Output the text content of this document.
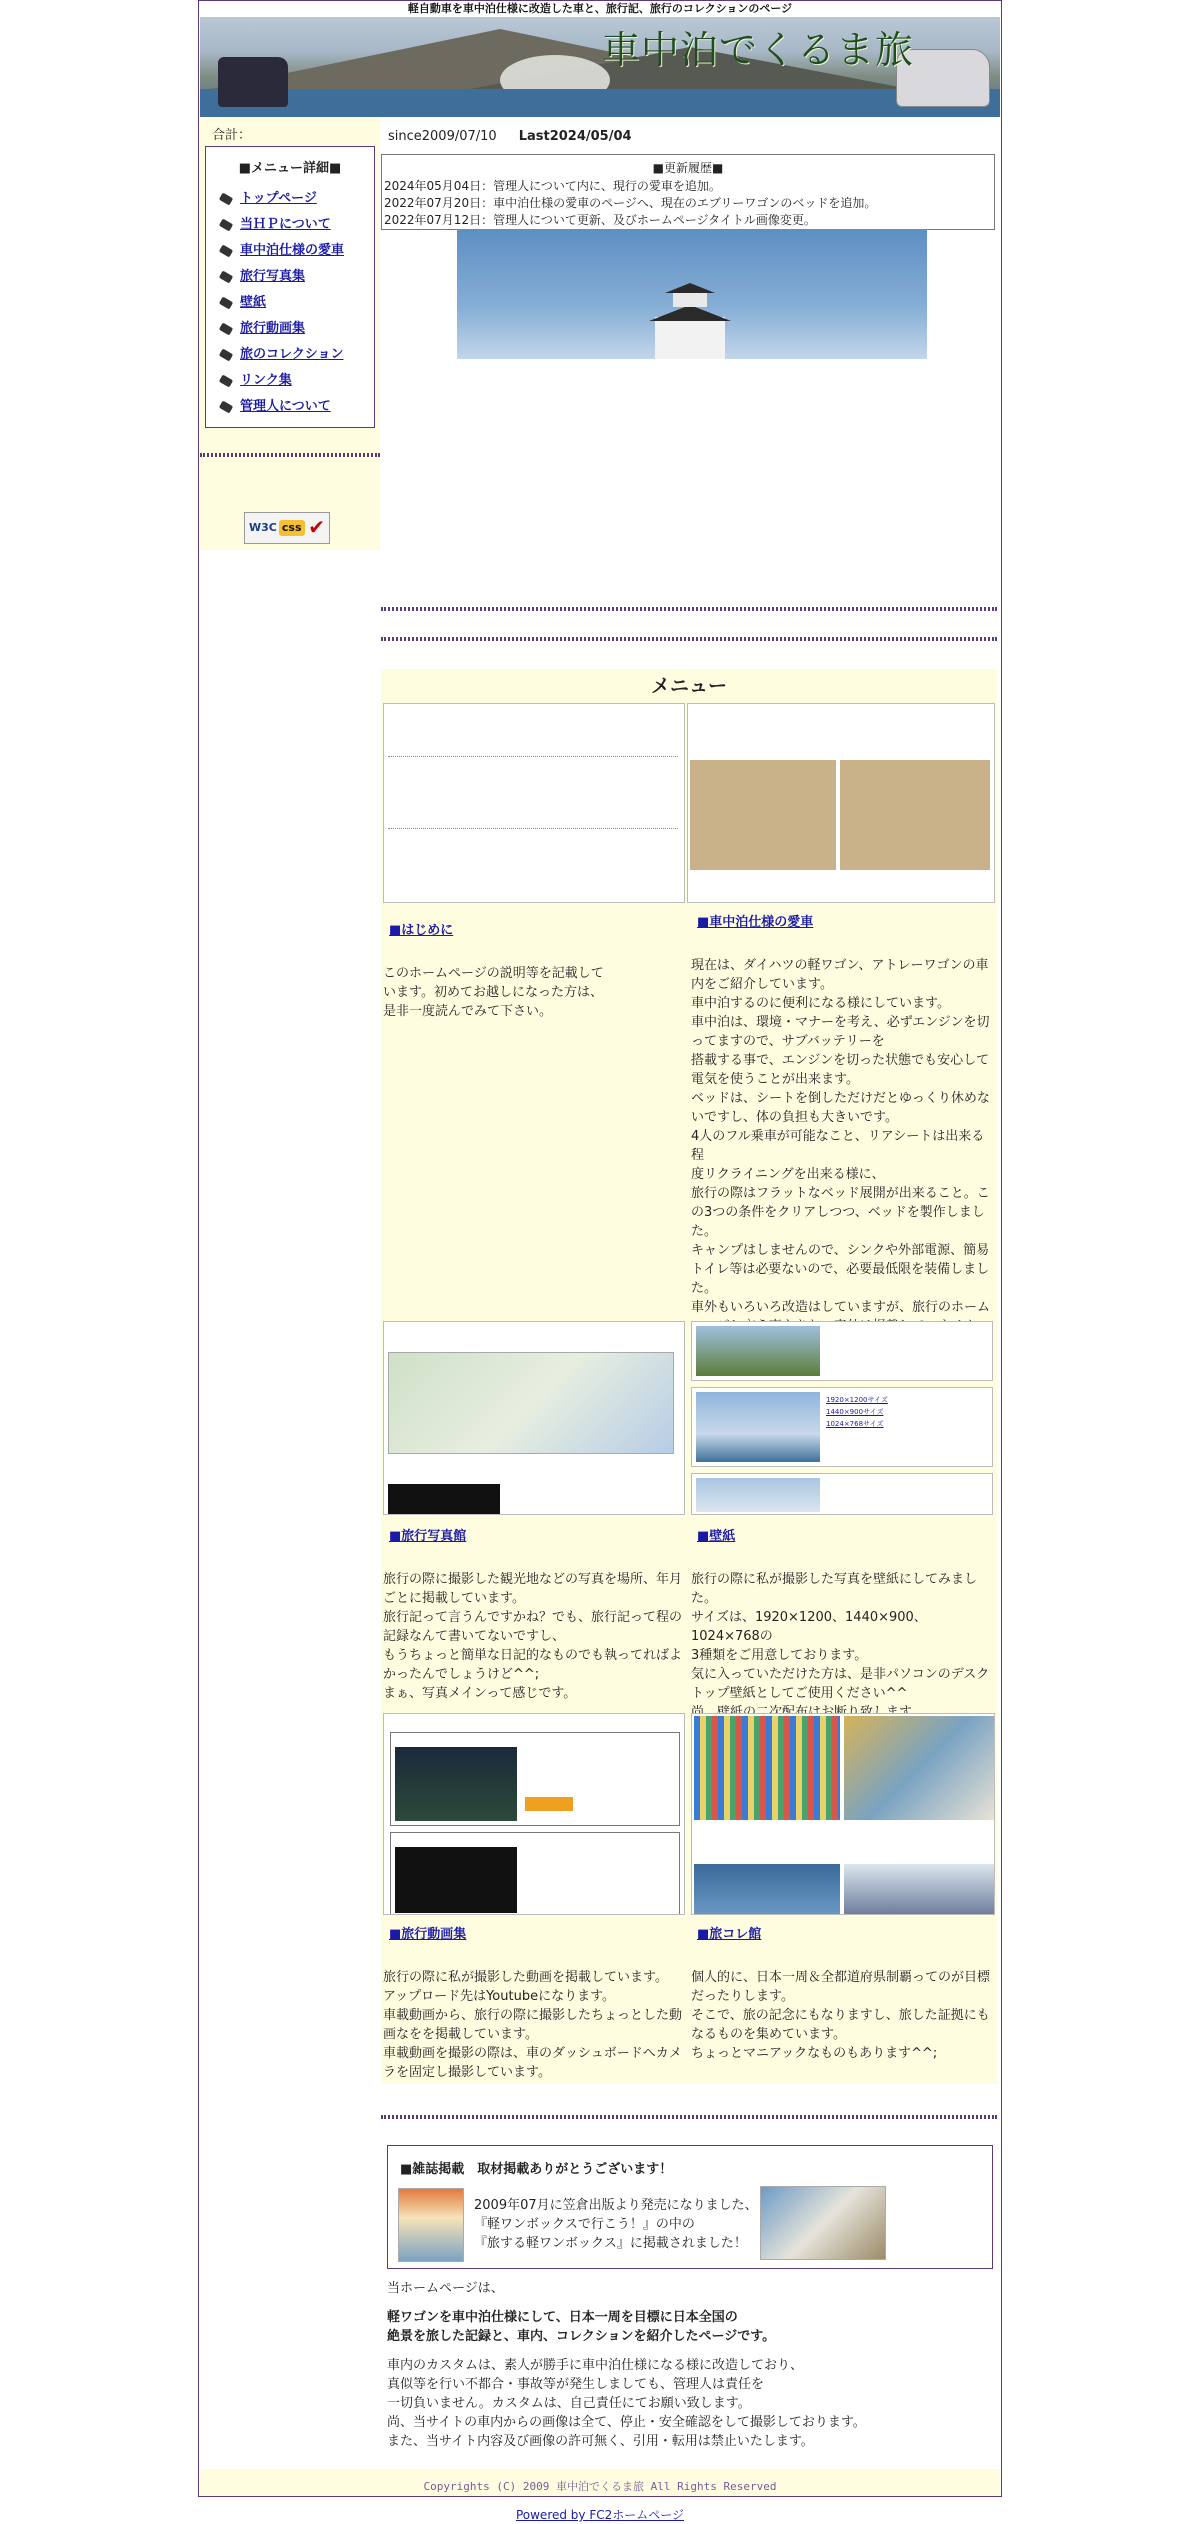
軽自動車を車中泊仕様に改造した車と、旅行記、旅行のコレクションのページ
車中泊でくるま旅
合計：
■メニュー詳細■
トップページ
当ＨＰについて
車中泊仕様の愛車
旅行写真集
壁紙
旅行動画集
旅のコレクション
リンク集
管理人について
W3C css ✔
since2009/07/10 Last2024/05/04
■更新履歴■
2024年05月04日：管理人について内に、現行の愛車を追加。
2022年07月20日：車中泊仕様の愛車のページへ、現在のエブリーワゴンのベッドを追加。
2022年07月12日：管理人について更新、及びホームページタイトル画像変更。
メニュー

■はじめに

このホームページの説明等を記載して

います。初めてお越しになった方は、

是非一度読んでみて下さい。

■車中泊仕様の愛車

現在は、ダイハツの軽ワゴン、アトレーワゴンの車

内をご紹介しています。

車中泊するのに便利になる様にしています。

車中泊は、環境・マナーを考え、必ずエンジンを切

ってますので、サブバッテリーを

搭載する事で、エンジンを切った状態でも安心して

電気を使うことが出来ます。

ベッドは、シートを倒しただけだとゆっくり休めな

いですし、体の負担も大きいです。

4人のフル乗車が可能なこと、リアシートは出来る程

度リクライニングを出来る様に、

旅行の際はフラットなベッド展開が出来ること。こ

の3つの条件をクリアしつつ、ベッドを製作しまし

た。

キャンプはしませんので、シンクや外部電源、簡易

トイレ等は必要ないので、必要最低限を装備しまし

た。

車外もいろいろ改造はしていますが、旅行のホーム

1920×1200サイズ
1440×900サイズ
1024×768サイズ
■旅行写真館

旅行の際に撮影した観光地などの写真を場所、年月

ごとに掲載しています。

旅行記って言うんですかね？でも、旅行記って程の

記録なんて書いてないですし、

もうちょっと簡単な日記的なものでも執ってればよ

かったんでしょうけど^^;

まぁ、写真メインって感じです。

■壁紙

旅行の際に私が撮影した写真を壁紙にしてみまし

た。

サイズは、1920×1200、1440×900、1024×768の

3種類をご用意しております。

気に入っていただけた方は、是非パソコンのデスク

トップ壁紙としてご使用ください^^

■旅行動画集

旅行の際に私が撮影した動画を掲載しています。

アップロード先はYoutubeになります。

車載動画から、旅行の際に撮影したちょっとした動

画なをを掲載しています。

車載動画を撮影の際は、車のダッシュボードへカメ

ラを固定し撮影しています。

■旅コレ館

個人的に、日本一周＆全都道府県制覇ってのが目標

だったりします。

そこで、旅の記念にもなりますし、旅した証拠にも

なるものを集めています。

ちょっとマニアックなものもあります^^;

■雑誌掲載　取材掲載ありがとうございます！
2009年07月に笠倉出版より発売になりました、
『軽ワンボックスで行こう！』の中の
『旅する軽ワンボックス』に掲載されました！

当ホームページは、

軽ワゴンを車中泊仕様にして、日本一周を目標に日本全国の
絶景を旅した記録と、車内、コレクションを紹介したページです。

車内のカスタムは、素人が勝手に車中泊仕様になる様に改造しており、
真似等を行い不都合・事故等が発生しましても、管理人は責任を
一切負いません。カスタムは、自己責任にてお願い致します。
尚、当サイトの車内からの画像は全て、停止・安全確認をして撮影しております。
また、当サイト内容及び画像の許可無く、引用・転用は禁止いたします。

Copyrights (C) 2009 車中泊でくるま旅 All Rights Reserved
Powered by FC2ホームページ
